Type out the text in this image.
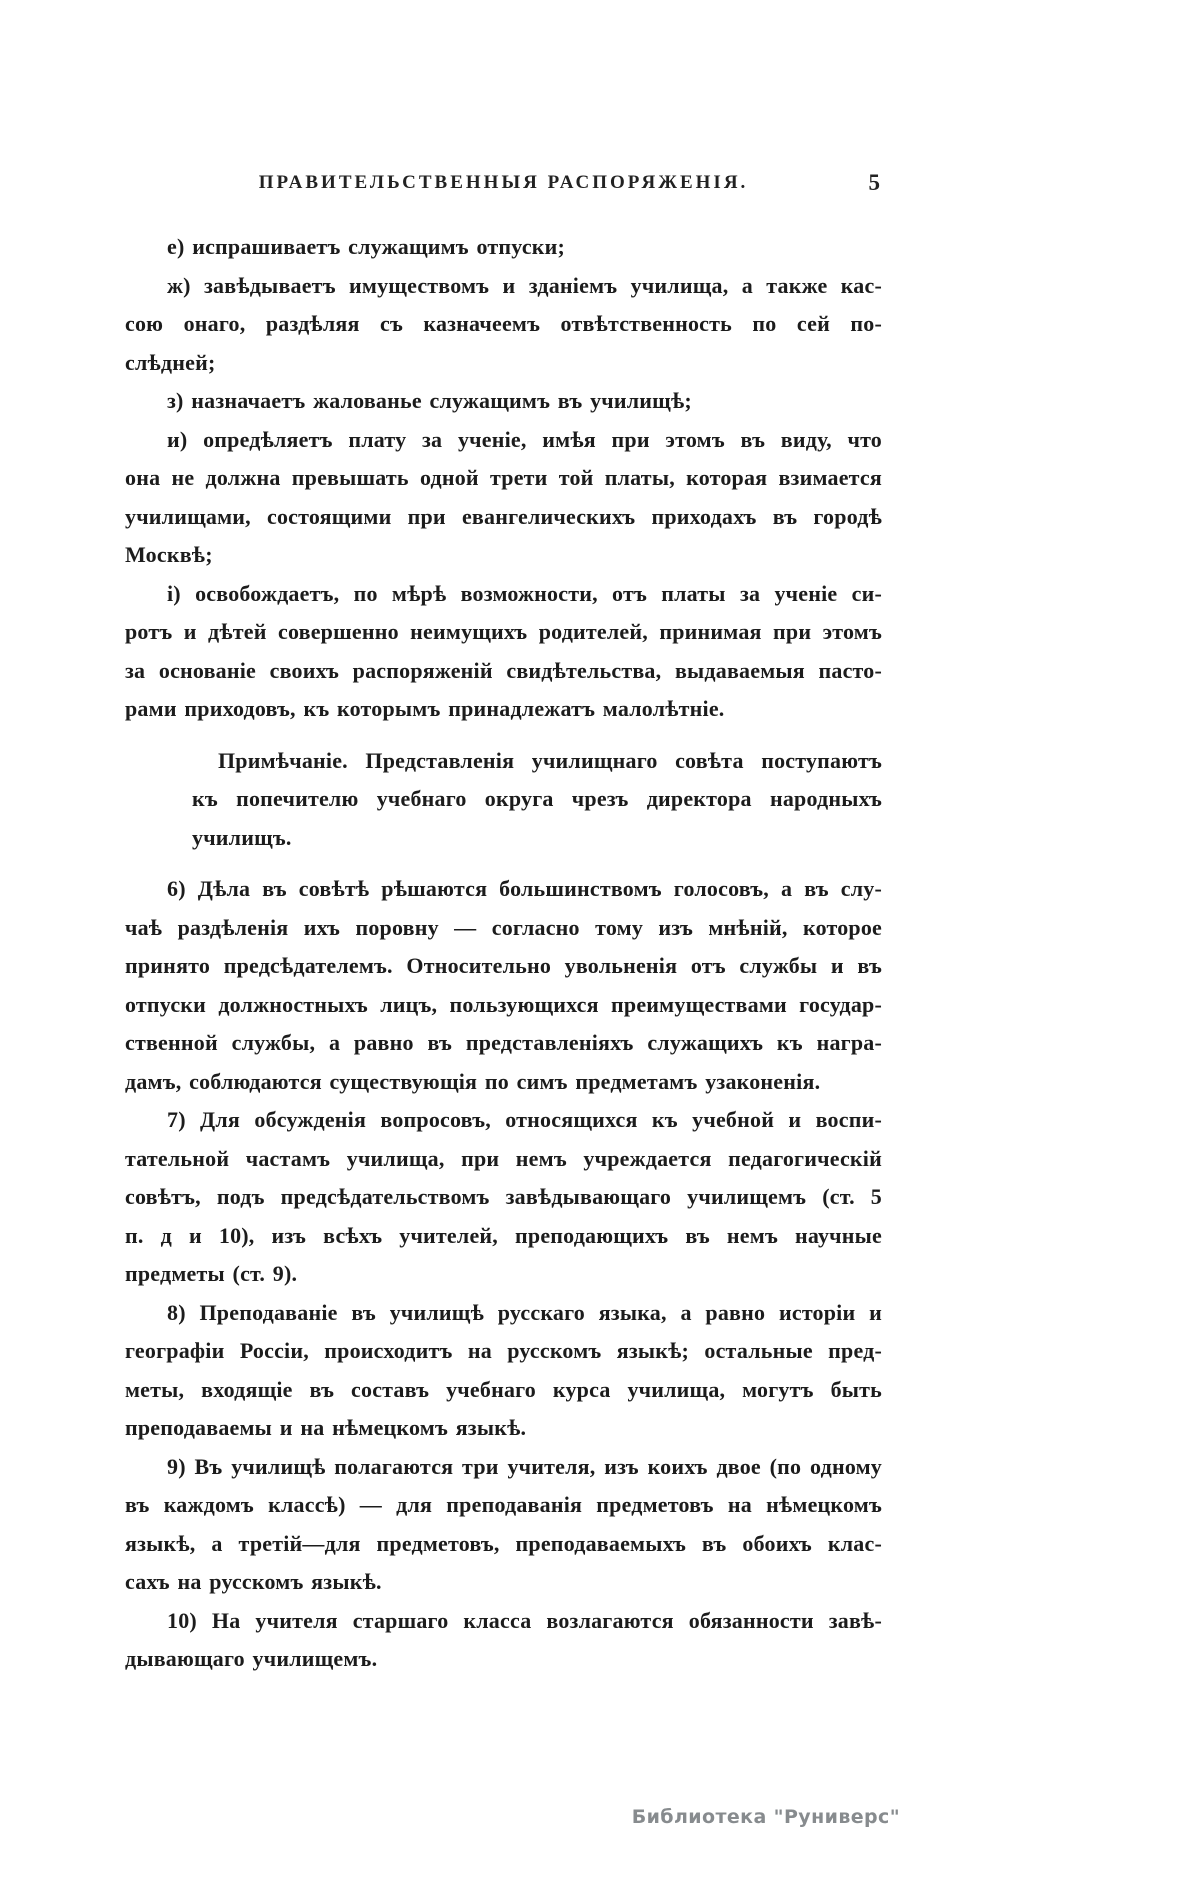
ПРАВИТЕЛЬСТВЕННЫЯ РАСПОРЯЖЕНІЯ.	5
е) испрашиваетъ служащимъ отпуски;
ж) завѣдываетъ имуществомъ и зданіемъ училища, а также кас-
сою онаго, раздѣляя съ казначеемъ отвѣтственность по сей по-
слѣдней;
з) назначаетъ жалованье служащимъ въ училищѣ;
и) опредѣляетъ плату за ученіе, имѣя при этомъ въ виду, что
она не должна превышать одной трети той платы, которая взимается
училищами, состоящими при евангелическихъ приходахъ въ городѣ
Москвѣ;
і) освобождаетъ, по мѣрѣ возможности, отъ платы за ученіе си-
ротъ и дѣтей совершенно неимущихъ родителей, принимая при этомъ
за основаніе своихъ распоряженій свидѣтельства, выдаваемыя пасто-
рами приходовъ, къ которымъ принадлежатъ малолѣтніе.
Примѣчаніе. Представленія училищнаго совѣта поступаютъ
къ попечителю учебнаго округа чрезъ директора народныхъ
училищъ.
6) Дѣла въ совѣтѣ рѣшаются большинствомъ голосовъ, а въ слу-
чаѣ раздѣленія ихъ поровну — согласно тому изъ мнѣній, которое
принято предсѣдателемъ. Относительно увольненія отъ службы и въ
отпуски должностныхъ лицъ, пользующихся преимуществами государ-
ственной службы, а равно въ представленіяхъ служащихъ къ награ-
дамъ, соблюдаются существующія по симъ предметамъ узаконенія.
7) Для обсужденія вопросовъ, относящихся къ учебной и воспи-
тательной частамъ училища, при немъ учреждается педагогическій
совѣтъ, подъ предсѣдательствомъ завѣдывающаго училищемъ (ст. 5
п. д и 10), изъ всѣхъ учителей, преподающихъ въ немъ научные
предметы (ст. 9).
8) Преподаваніе въ училищѣ русскаго языка, а равно исторіи и
географіи Россіи, происходитъ на русскомъ языкѣ; остальные пред-
меты, входящіе въ составъ учебнаго курса училища, могутъ быть
преподаваемы и на нѣмецкомъ языкѣ.
9) Въ училищѣ полагаются три учителя, изъ коихъ двое (по одному
въ каждомъ классѣ) — для преподаванія предметовъ на нѣмецкомъ
языкѣ, а третій—для предметовъ, преподаваемыхъ въ обоихъ клас-
сахъ на русскомъ языкѣ.
10) На учителя старшаго класса возлагаются обязанности завѣ-
дывающаго училищемъ.
Библиотека "Руниверс"
